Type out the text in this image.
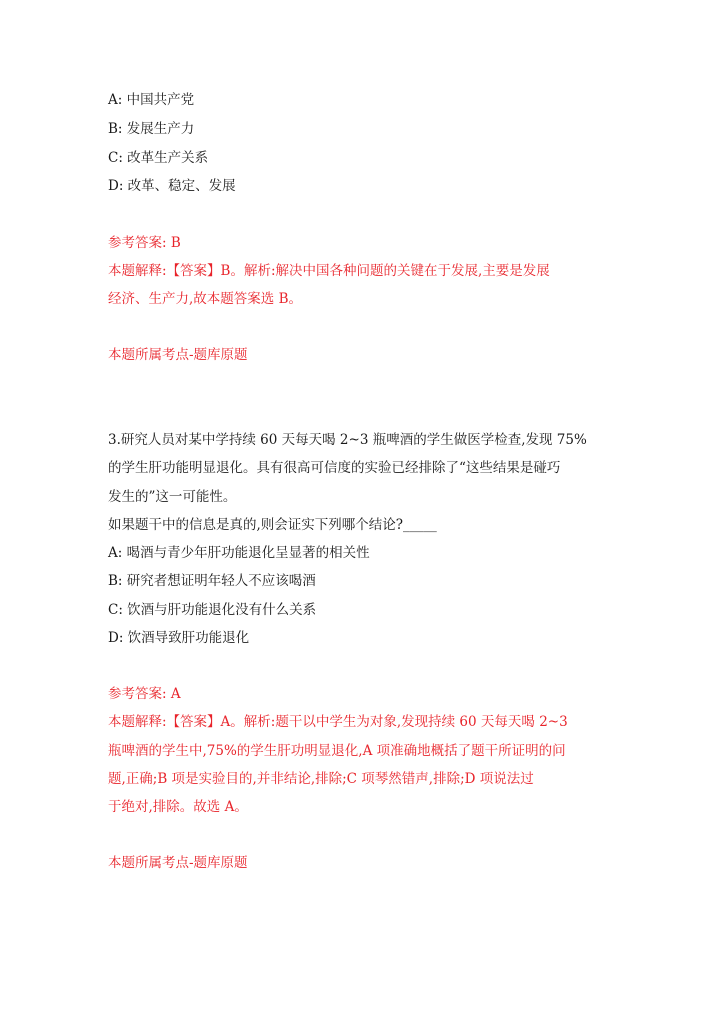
A: 中国共产党
B: 发展生产力
C: 改革生产关系
D: 改革、稳定、发展
参考答案: B
本题解释:【答案】B。解析:解决中国各种问题的关键在于发展,主要是发展
经济、生产力,故本题答案选 B。
本题所属考点-题库原题
3.研究人员对某中学持续 60 天每天喝 2~3 瓶啤酒的学生做医学检查,发现 75%
的学生肝功能明显退化。具有很高可信度的实验已经排除了“这些结果是碰巧
发生的”这一可能性。
如果题干中的信息是真的,则会证实下列哪个结论?_____
A: 喝酒与青少年肝功能退化呈显著的相关性
B: 研究者想证明年轻人不应该喝酒
C: 饮酒与肝功能退化没有什么关系
D: 饮酒导致肝功能退化
参考答案: A
本题解释:【答案】A。解析:题干以中学生为对象,发现持续 60 天每天喝 2~3
瓶啤酒的学生中,75%的学生肝功明显退化,A 项准确地概括了题干所证明的问
题,正确;B 项是实验目的,并非结论,排除;C 项琴然错声,排除;D 项说法过
于绝对,排除。故选 A。
本题所属考点-题库原题
